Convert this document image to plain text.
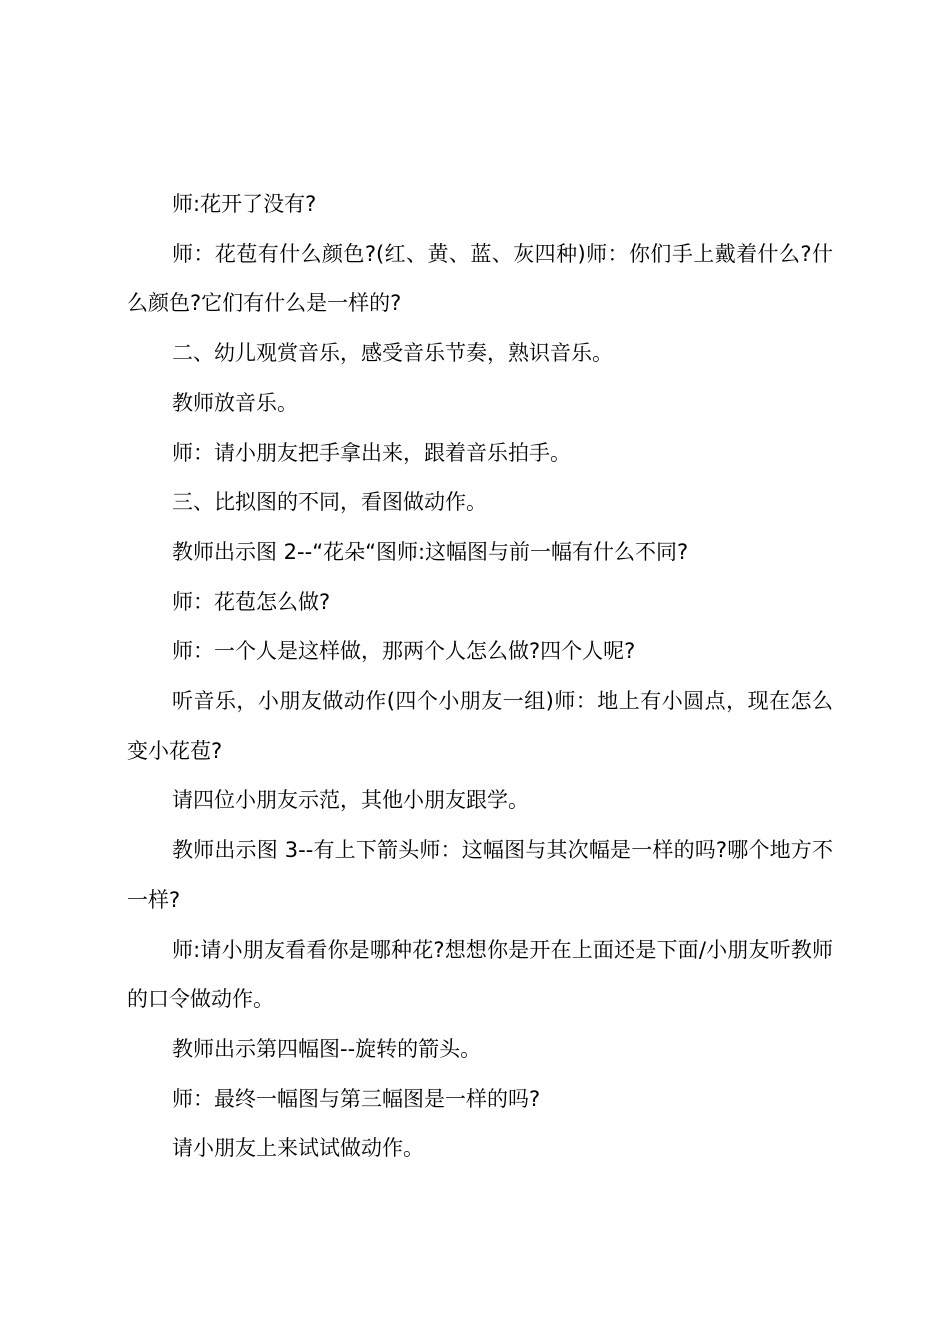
师:花开了没有?

师：花苞有什么颜色?(红、黄、蓝、灰四种)师：你们手上戴着什么?什么颜色?它们有什么是一样的?

二、幼儿观赏音乐，感受音乐节奏，熟识音乐。

教师放音乐。

师：请小朋友把手拿出来，跟着音乐拍手。

三、比拟图的不同，看图做动作。

教师出示图 2--“花朵“图师:这幅图与前一幅有什么不同?

师：花苞怎么做?

师：一个人是这样做，那两个人怎么做?四个人呢?

听音乐，小朋友做动作(四个小朋友一组)师：地上有小圆点，现在怎么变小花苞?

请四位小朋友示范，其他小朋友跟学。

教师出示图 3--有上下箭头师：这幅图与其次幅是一样的吗?哪个地方不一样?

师:请小朋友看看你是哪种花?想想你是开在上面还是下面/小朋友听教师的口令做动作。

教师出示第四幅图--旋转的箭头。

师：最终一幅图与第三幅图是一样的吗?

请小朋友上来试试做动作。
